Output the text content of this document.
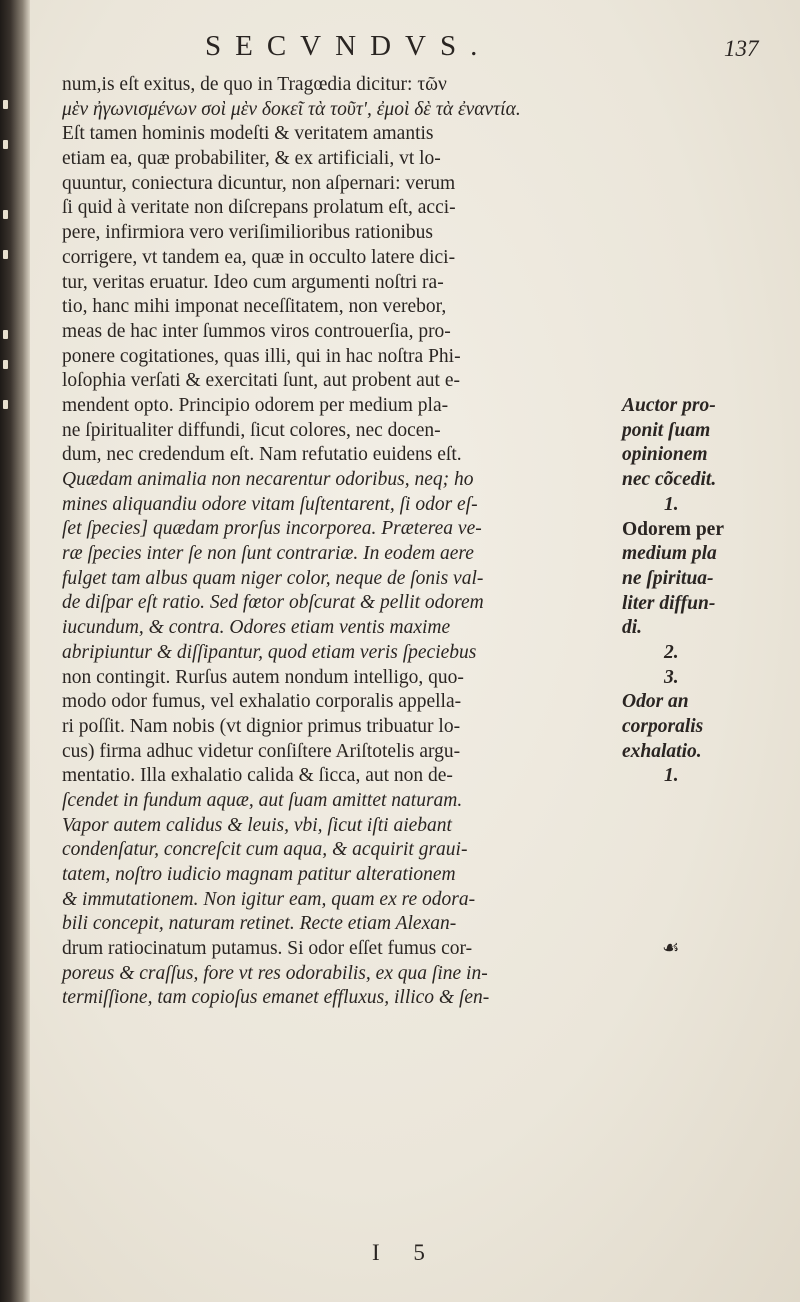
SECVNDVS.	137
num,is eſt exitus, de quo in Tragœdia dicitur: τῶν
μὲν ἠγωνισμένων σοὶ μὲν δοκεῖ τὰ τοῦτ', ἐμοὶ δὲ τὰ ἐναντία.
Eſt tamen hominis modeſti & veritatem amantis
etiam ea, quæ probabiliter, & ex artificiali, vt lo-
quuntur, coniectura dicuntur, non aſpernari: verum
ſi quid à veritate non diſcrepans prolatum eſt, acci-
pere, infirmiora vero veriſimilioribus rationibus
corrigere, vt tandem ea, quæ in occulto latere dici-
tur, veritas eruatur. Ideo cum argumenti noſtri ra-
tio, hanc mihi imponat neceſſitatem, non verebor,
meas de hac inter ſummos viros controuerſia, pro-
ponere cogitationes, quas illi, qui in hac noſtra Phi-
loſophia verſati & exercitati ſunt, aut probent aut e-
mendent opto. Principio odorem per medium pla-
ne ſpiritualiter diffundi, ſicut colores, nec docen-
dum, nec credendum eſt. Nam refutatio euidens eſt.
Quædam animalia non necarentur odoribus, neq; ho
mines aliquandiu odore vitam ſuſtentarent, ſi odor eſ-
ſet ſpecies] quædam prorſus incorporea. Præterea ve-
ræ ſpecies inter ſe non ſunt contrariæ. In eodem aere
fulget tam albus quam niger color, neque de ſonis val-
de diſpar eſt ratio. Sed fœtor obſcurat & pellit odorem
iucundum, & contra. Odores etiam ventis maxime
abripiuntur & diſſipantur, quod etiam veris ſpeciebus
non contingit. Rurſus autem nondum intelligo, quo-
modo odor fumus, vel exhalatio corporalis appella-
ri poſſit. Nam nobis (vt dignior primus tribuatur lo-
cus) firma adhuc videtur conſiſtere Ariſtotelis argu-
mentatio. Illa exhalatio calida & ſicca, aut non de-
ſcendet in fundum aquæ, aut ſuam amittet naturam.
Vapor autem calidus & leuis, vbi, ſicut iſti aiebant
condenſatur, concreſcit cum aqua, & acquirit graui-
tatem, noſtro iudicio magnam patitur alterationem
& immutationem. Non igitur eam, quam ex re odora-
bili concepit, naturam retinet. Recte etiam Alexan-
drum ratiocinatum putamus. Si odor eſſet fumus cor-
poreus & craſſus, fore vt res odorabilis, ex qua ſine in-
termiſſione, tam copioſus emanet effluxus, illico & ſen-
Auctor pro-
ponit ſuam
opinionem
nec cõcedit.
1.
Odorem per
medium pla
ne ſpiritua-
liter diffun-
di.
2.
3.
Odor an
corporalis
exhalatio.
1.
☙
I 5
